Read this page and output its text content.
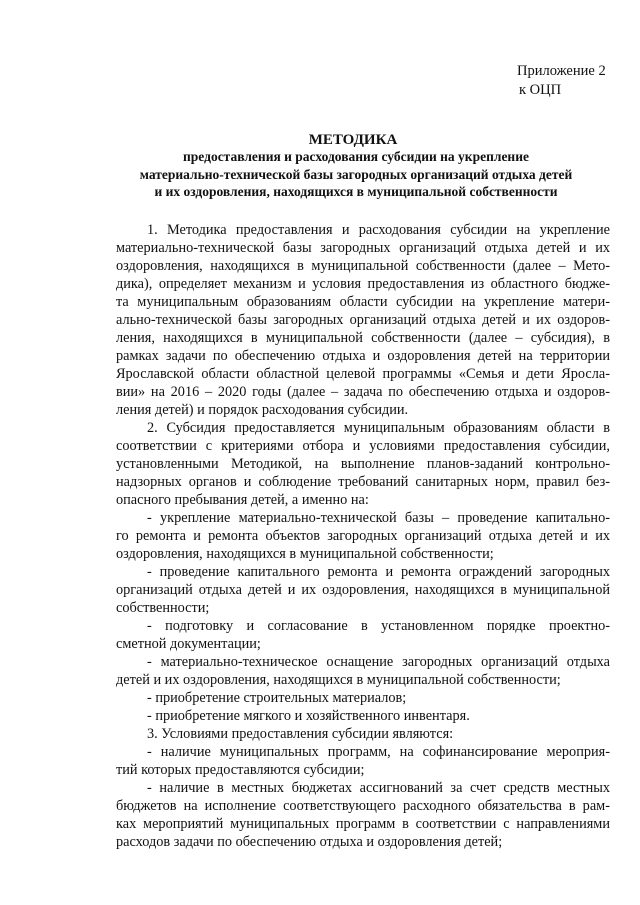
Приложение 2
к ОЦП
МЕТОДИКА
предоставления и расходования субсидии на укрепление
материально-технической базы загородных организаций отдыха детей
и их оздоровления, находящихся в муниципальной собственности
1. Методика предоставления и расходования субсидии на укрепление
материально-технической базы загородных организаций отдыха детей и их
оздоровления, находящихся в муниципальной собственности (далее – Мето-
дика), определяет механизм и условия предоставления из областного бюдже-
та муниципальным образованиям области субсидии на укрепление матери-
ально-технической базы загородных организаций отдыха детей и их оздоров-
ления, находящихся в муниципальной собственности (далее – субсидия), в
рамках задачи по обеспечению отдыха и оздоровления детей на территории
Ярославской области областной целевой программы «Семья и дети Яросла-
вии» на 2016 – 2020 годы (далее – задача по обеспечению отдыха и оздоров-
ления детей) и порядок расходования субсидии.
2. Субсидия предоставляется муниципальным образованиям области в
соответствии с критериями отбора и условиями предоставления субсидии,
установленными Методикой, на выполнение планов-заданий контрольно-
надзорных органов и соблюдение требований санитарных норм, правил без-
опасного пребывания детей, а именно на:
- укрепление материально-технической базы – проведение капитально-
го ремонта и ремонта объектов загородных организаций отдыха детей и их
оздоровления, находящихся в муниципальной собственности;
- проведение капитального ремонта и ремонта ограждений загородных
организаций отдыха детей и их оздоровления, находящихся в муниципальной
собственности;
- подготовку и согласование в установленном порядке проектно-
сметной документации;
- материально-техническое оснащение загородных организаций отдыха
детей и их оздоровления, находящихся в муниципальной собственности;
- приобретение строительных материалов;
- приобретение мягкого и хозяйственного инвентаря.
3. Условиями предоставления субсидии являются:
- наличие муниципальных программ, на софинансирование мероприя-
тий которых предоставляются субсидии;
- наличие в местных бюджетах ассигнований за счет средств местных
бюджетов на исполнение соответствующего расходного обязательства в рам-
ках мероприятий муниципальных программ в соответствии с направлениями
расходов задачи по обеспечению отдыха и оздоровления детей;
